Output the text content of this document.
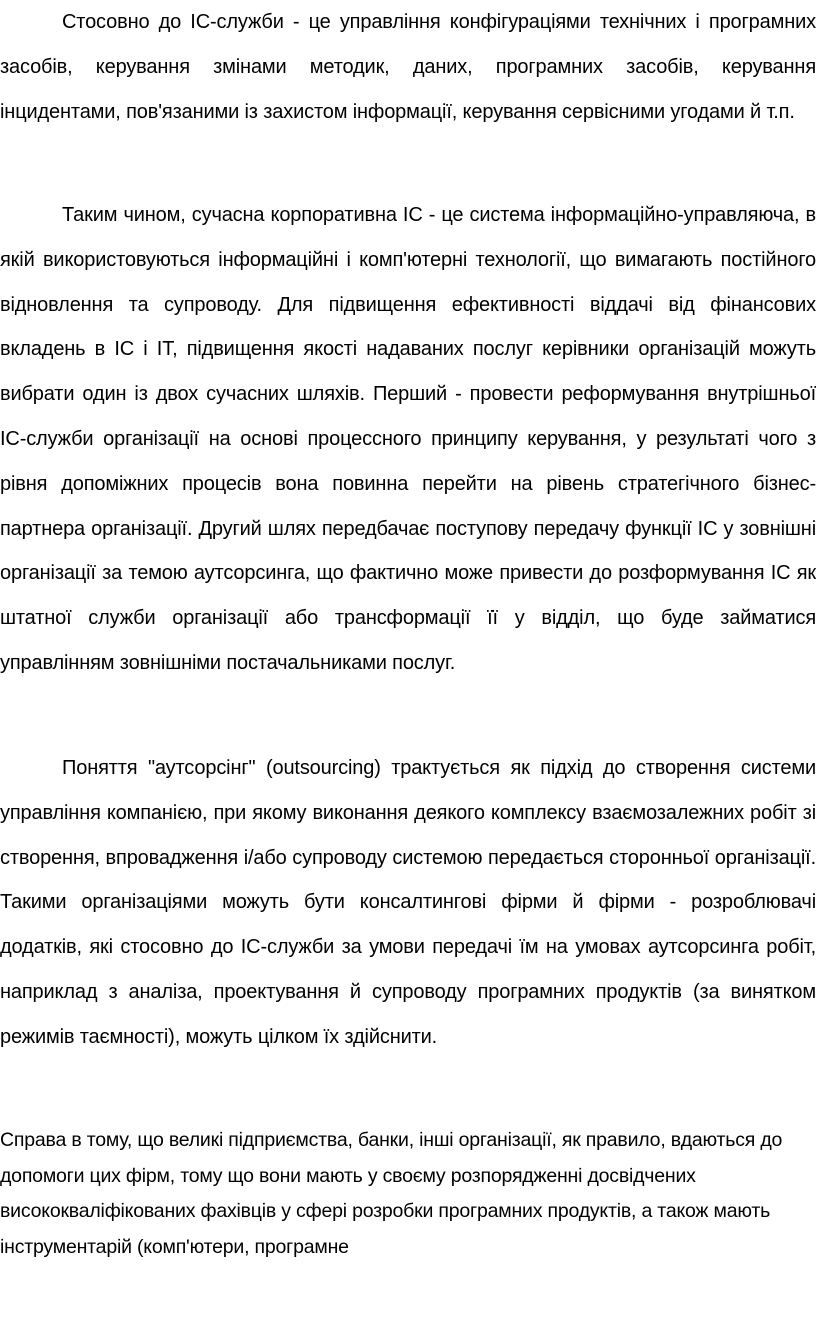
Стосовно до ІС-служби - це управління конфігураціями технічних і програмних засобів, керування змінами методик, даних, програмних засобів, керування інцидентами, пов'язаними із захистом інформації, керування сервісними угодами й т.п.

Таким чином, сучасна корпоративна ІС - це система інформаційно-управляюча, в якій використовуються інформаційні і комп'ютерні технології, що вимагають постійного відновлення та супроводу. Для підвищення ефективності віддачі від фінансових вкладень в ІС і ІТ, підвищення якості надаваних послуг керівники організацій можуть вибрати один із двох сучасних шляхів. Перший - провести реформування внутрішньої ІС-служби організації на основі процессного принципу керування, у результаті чого з рівня допоміжних процесів вона повинна перейти на рівень стратегічного бізнес- партнера організації. Другий шлях передбачає поступову передачу функції ІС у зовнішні організації за темою аутсорсинга, що фактично може привести до розформування ІС як штатної служби організації або трансформації її у відділ, що буде займатися управлінням зовнішніми постачальниками послуг.

Поняття "аутсорсінг" (outsourcing) трактується як підхід до створення системи управління компанією, при якому виконання деякого комплексу взаємозалежних робіт зі створення, впровадження і/або супроводу системою передається сторонньої організації. Такими організаціями можуть бути консалтингові фірми й фірми - розроблювачі додатків, які стосовно до ІС-служби за умови передачі їм на умовах аутсорсинга робіт, наприклад з аналіза, проектування й супроводу програмних продуктів (за винятком режимів таємності), можуть цілком їх здійснити.

Справа в тому, що великі підприємства, банки, інші організації, як правило, вдаються до допомоги цих фірм, тому що вони мають у своєму розпорядженні досвідчених висококваліфікованих фахівців у сфері розробки програмних продуктів, а також мають інструментарій (комп'ютери, програмне
